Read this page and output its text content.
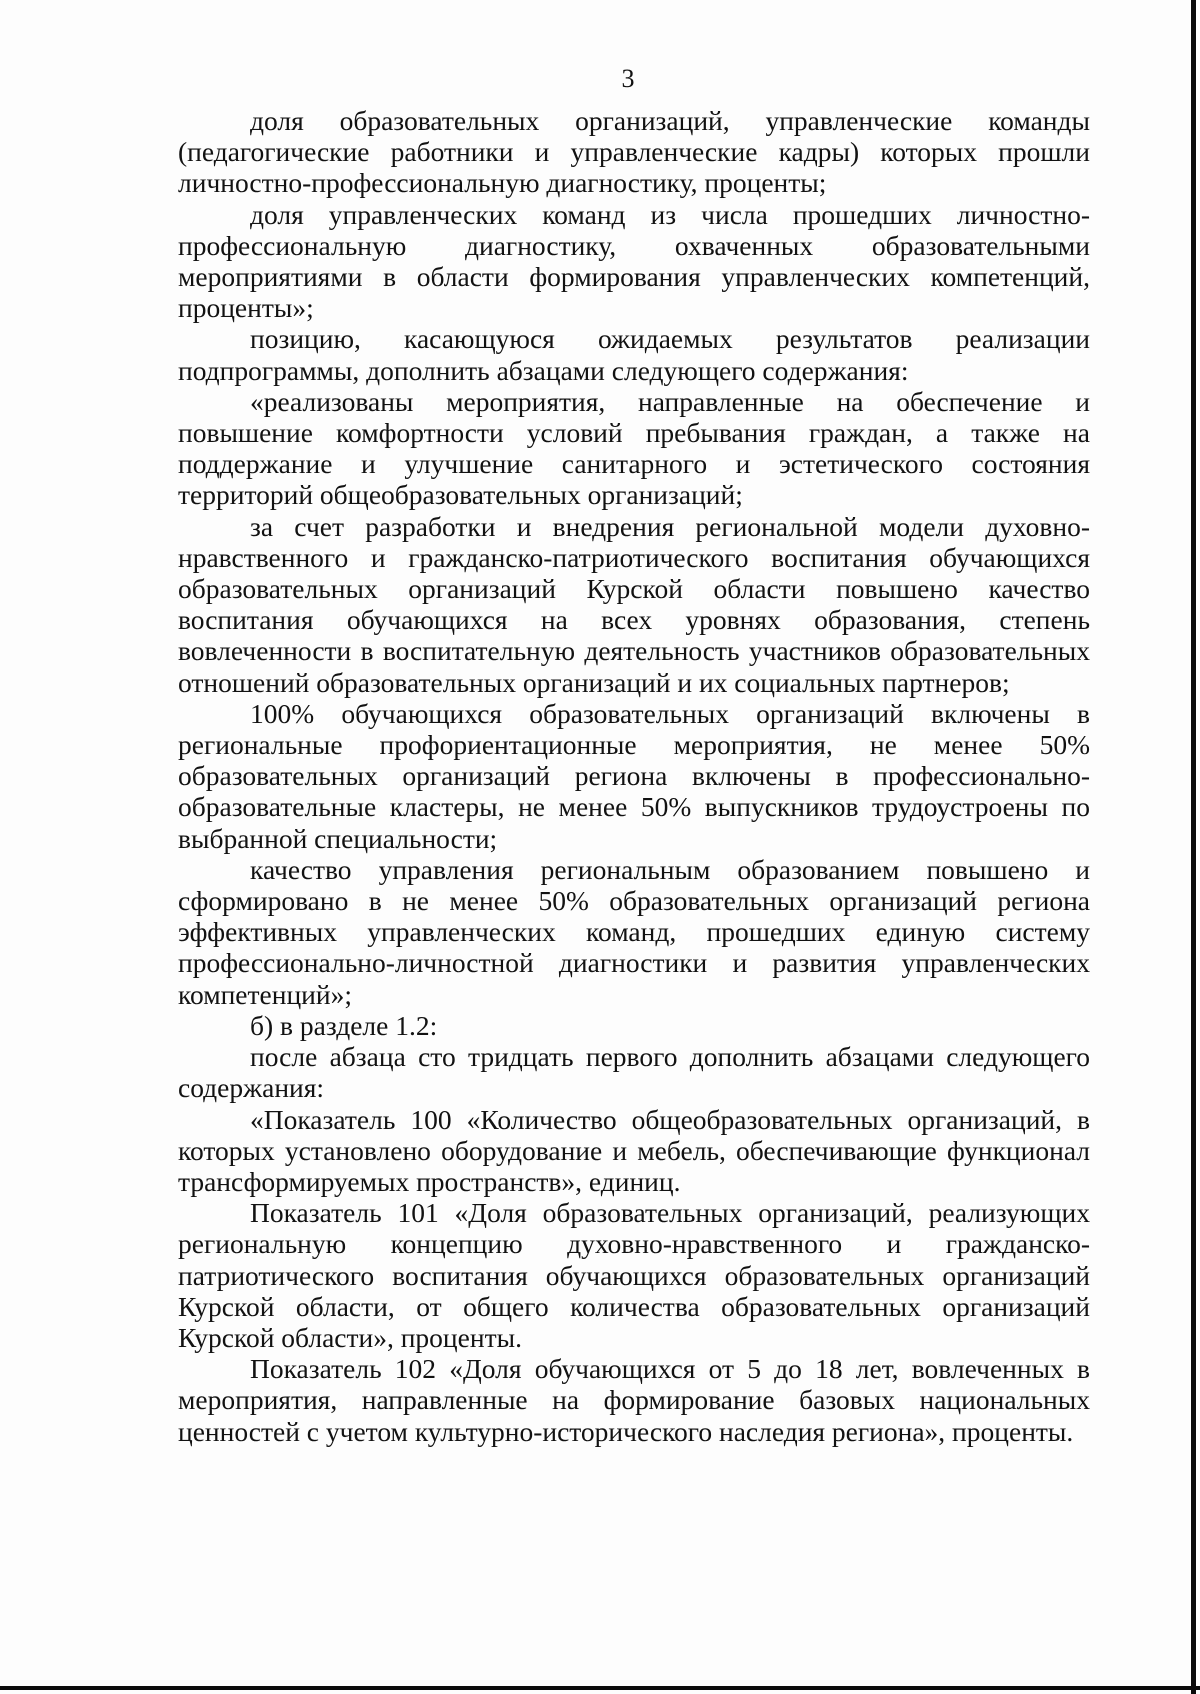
3

доля образовательных организаций, управленческие команды (педагогические работники и управленческие кадры) которых прошли личностно-профессиональную диагностику, проценты;

доля управленческих команд из числа прошедших личностно-профессиональную диагностику, охваченных образовательными мероприятиями в области формирования управленческих компетенций, проценты»;

позицию, касающуюся ожидаемых результатов реализации подпрограммы, дополнить абзацами следующего содержания:

«реализованы мероприятия, направленные на обеспечение и повышение комфортности условий пребывания граждан, а также на поддержание и улучшение санитарного и эстетического состояния территорий общеобразовательных организаций;

за счет разработки и внедрения региональной модели духовно-нравственного и гражданско-патриотического воспитания обучающихся образовательных организаций Курской области повышено качество воспитания обучающихся на всех уровнях образования, степень вовлеченности в воспитательную деятельность участников образовательных отношений образовательных организаций и их социальных партнеров;

100% обучающихся образовательных организаций включены в региональные профориентационные мероприятия, не менее 50% образовательных организаций региона включены в профессионально-образовательные кластеры, не менее 50% выпускников трудоустроены по выбранной специальности;

качество управления региональным образованием повышено и сформировано в не менее 50% образовательных организаций региона эффективных управленческих команд, прошедших единую систему профессионально-личностной диагностики и развития управленческих компетенций»;

б) в разделе 1.2:

после абзаца сто тридцать первого дополнить абзацами следующего содержания:

«Показатель 100 «Количество общеобразовательных организаций, в которых установлено оборудование и мебель, обеспечивающие функционал трансформируемых пространств», единиц.

Показатель 101 «Доля образовательных организаций, реализующих региональную концепцию духовно-нравственного и гражданско-патриотического воспитания обучающихся образовательных организаций Курской области, от общего количества образовательных организаций Курской области», проценты.

Показатель 102 «Доля обучающихся от 5 до 18 лет, вовлеченных в мероприятия, направленные на формирование базовых национальных ценностей с учетом культурно-исторического наследия региона», проценты.
